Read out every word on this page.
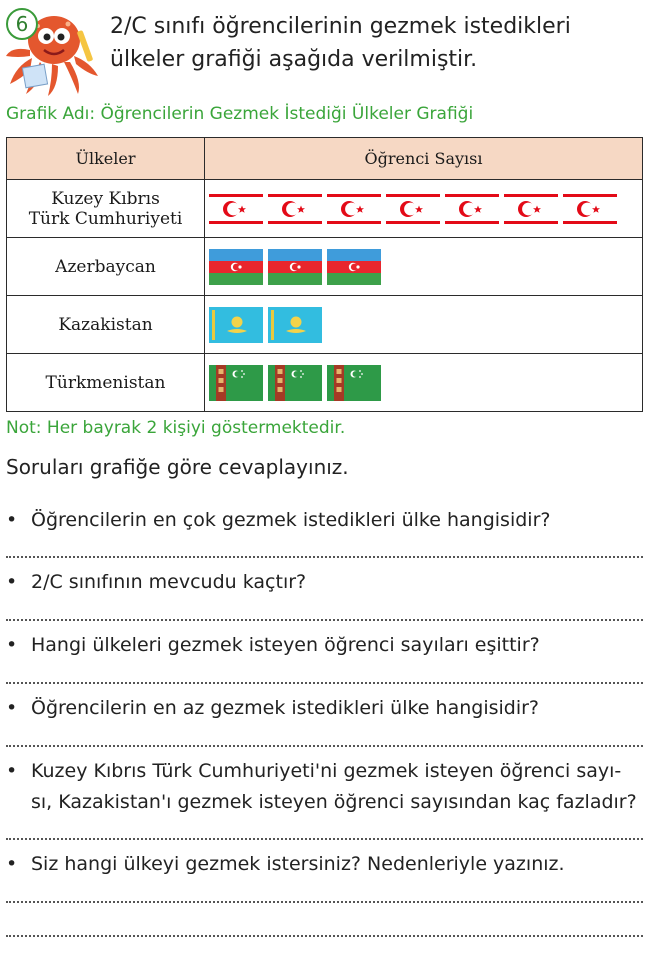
6	2/C sınıfı öğrencilerinin gezmek istedikleri ülkeler grafiği aşağıda verilmiştir.
Grafik Adı: Öğrencilerin Gezmek İstediği Ülkeler Grafiği
Ülkeler	Öğrenci Sayısı
Kuzey Kıbrıs
Türk Cumhuriyeti	

Azerbaycan	

Kazakistan	

Türkmenistan	
Not: Her bayrak 2 kişiyi göstermektedir.
Soruları grafiğe göre cevaplayınız.
• Öğrencilerin en çok gezmek istedikleri ülke hangisidir?
• 2/C sınıfının mevcudu kaçtır?
• Hangi ülkeleri gezmek isteyen öğrenci sayıları eşittir?
• Öğrencilerin en az gezmek istedikleri ülke hangisidir?
• Kuzey Kıbrıs Türk Cumhuriyeti'ni gezmek isteyen öğrenci sayı- sı, Kazakistan'ı gezmek isteyen öğrenci sayısından kaç fazladır?
• Siz hangi ülkeyi gezmek istersiniz? Nedenleriyle yazınız.
